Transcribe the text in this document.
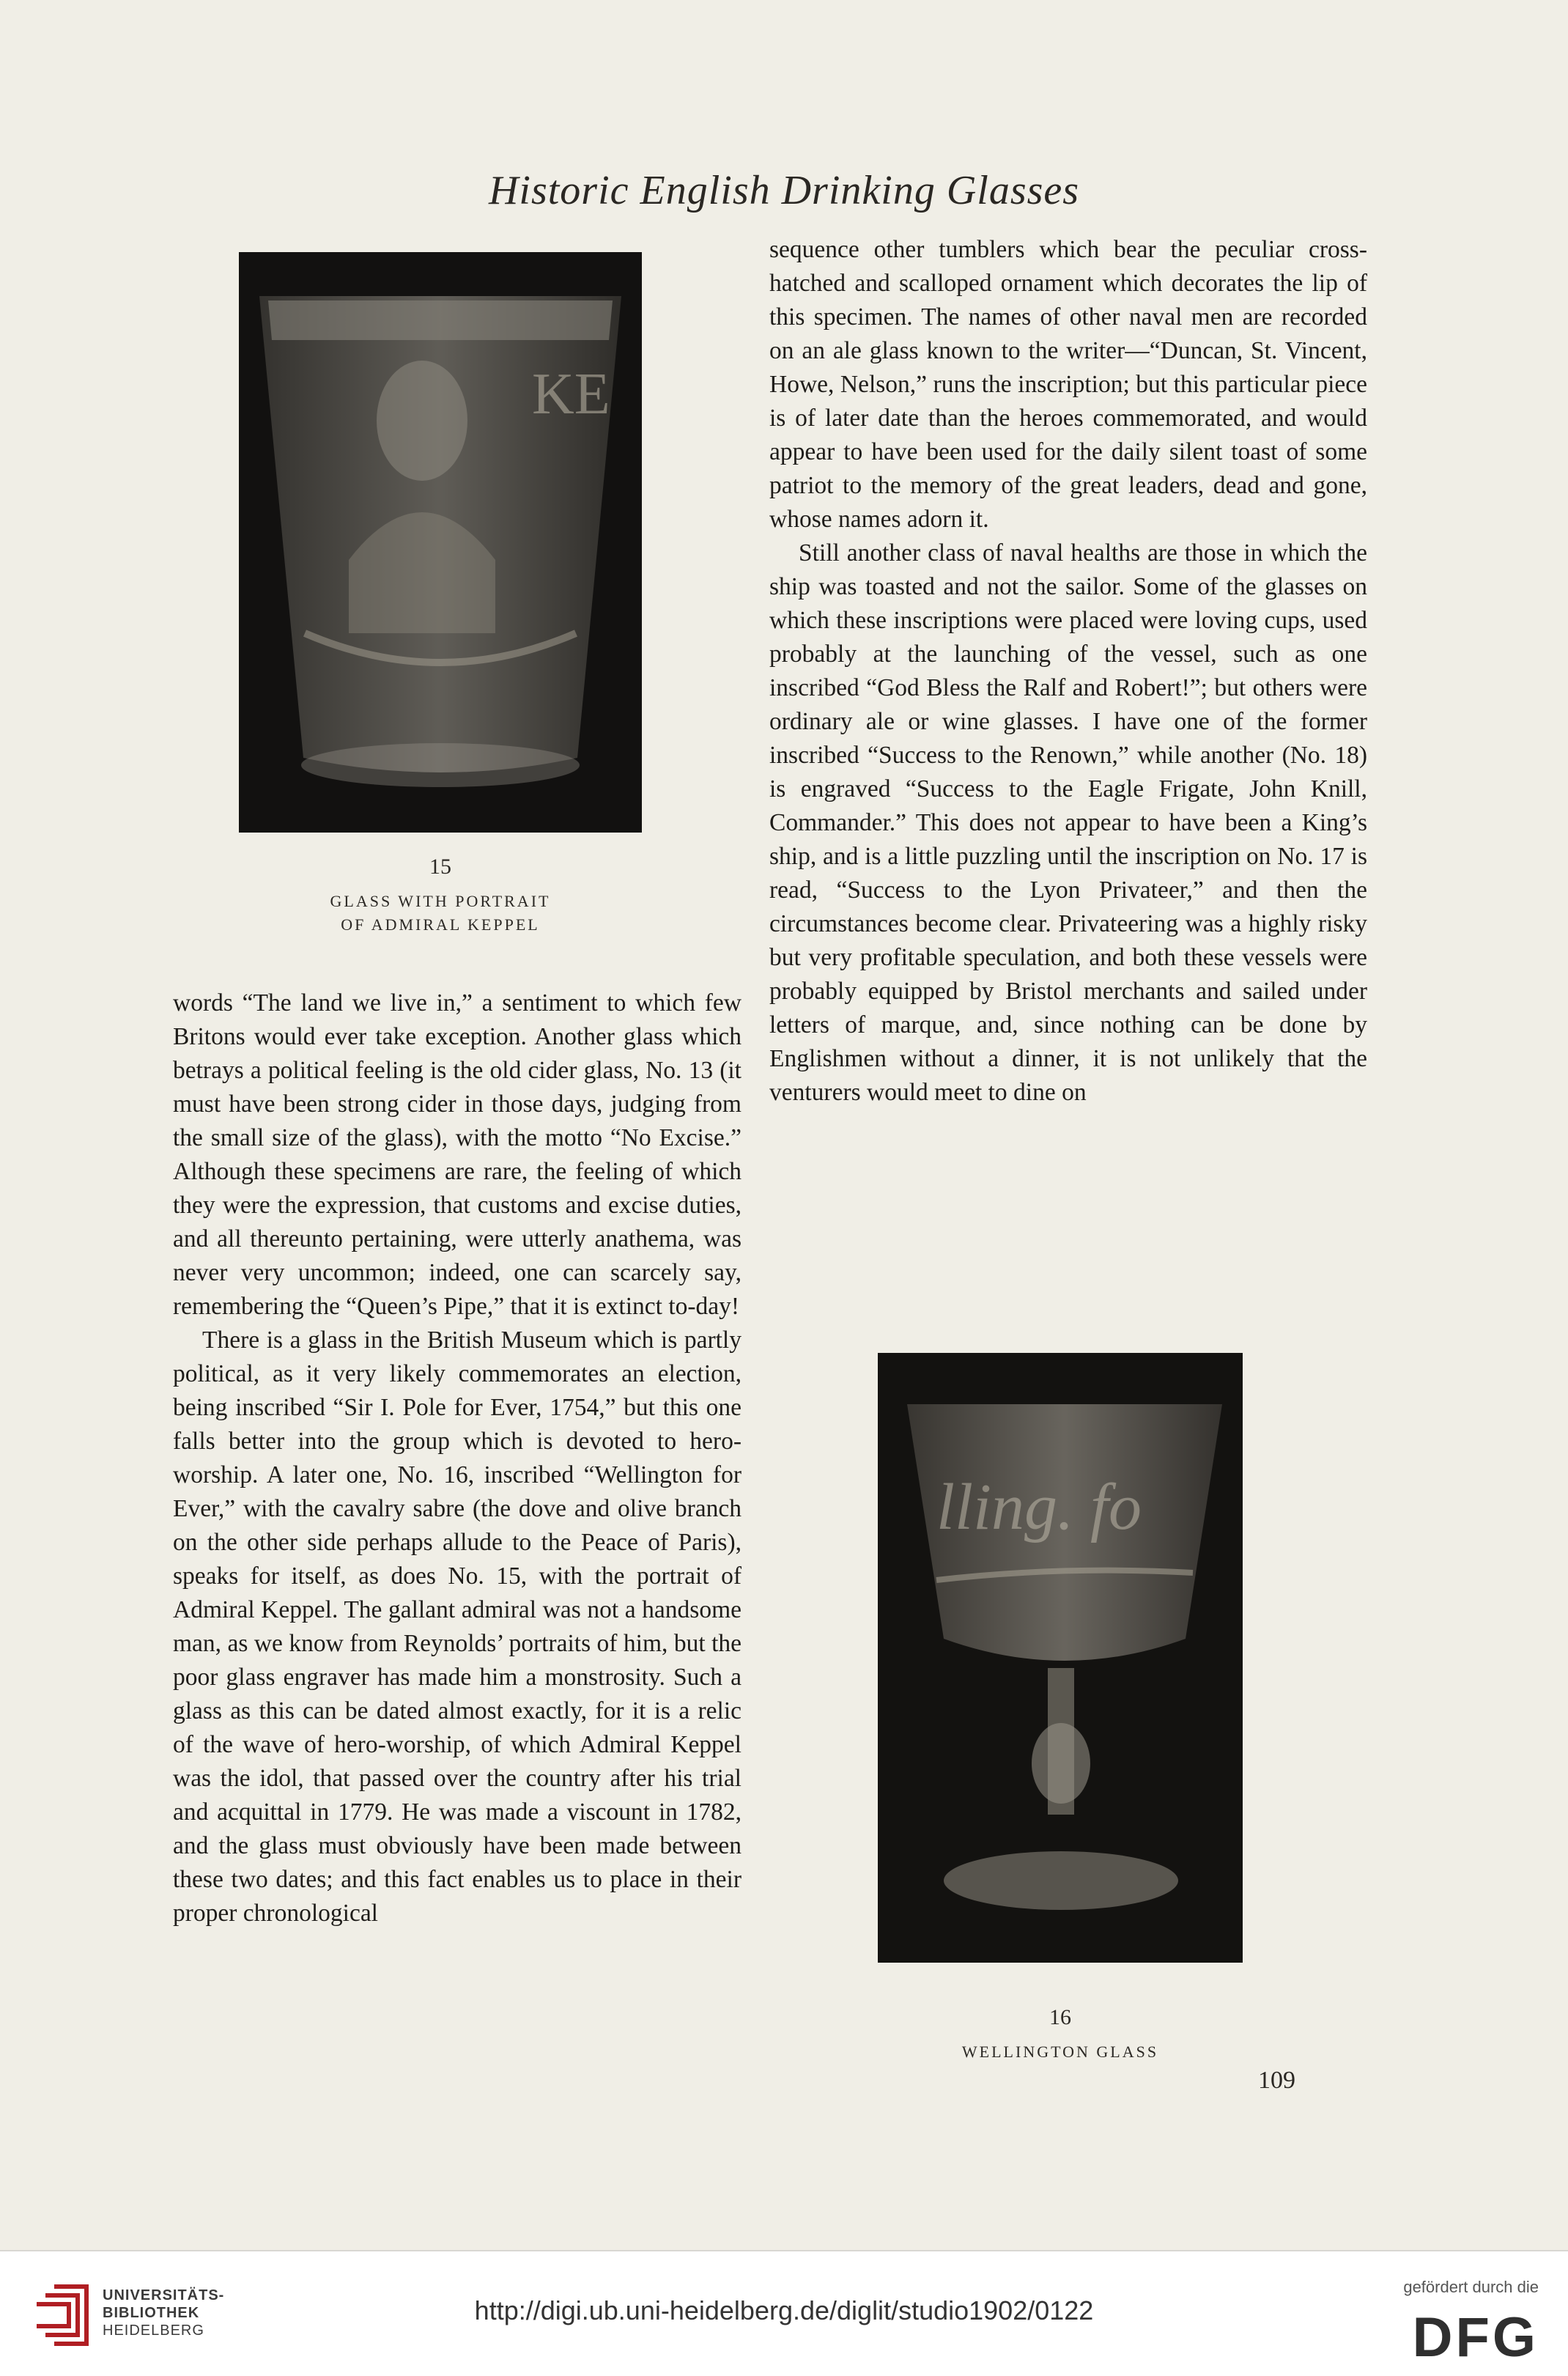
Historic English Drinking Glasses
KE
15
GLASS WITH PORTRAIT
OF ADMIRAL KEPPEL
lling. fo
16
WELLINGTON GLASS

words “The land we live in,” a sentiment to which few Britons would ever take exception. Another glass which betrays a political feeling is the old cider glass, No. 13 (it must have been strong cider in those days, judging from the small size of the glass), with the motto “No Excise.” Although these specimens are rare, the feeling of which they were the expression, that customs and excise duties, and all thereunto pertaining, were utterly anathema, was never very uncommon; indeed, one can scarcely say, remembering the “Queen’s Pipe,” that it is extinct to-day!

There is a glass in the British Museum which is partly political, as it very likely commemorates an election, being inscribed “Sir I. Pole for Ever, 1754,” but this one falls better into the group which is devoted to hero-worship. A later one, No. 16, inscribed “Wellington for Ever,” with the cavalry sabre (the dove and olive branch on the other side perhaps allude to the Peace of Paris), speaks for itself, as does No. 15, with the portrait of Admiral Keppel. The gallant admiral was not a handsome man, as we know from Reynolds’ portraits of him, but the poor glass engraver has made him a monstrosity. Such a glass as this can be dated almost exactly, for it is a relic of the wave of hero-worship, of which Admiral Keppel was the idol, that passed over the country after his trial and acquittal in 1779. He was made a viscount in 1782, and the glass must obviously have been made between these two dates; and this fact enables us to place in their proper chronological

sequence other tumblers which bear the peculiar cross-hatched and scalloped ornament which decorates the lip of this specimen. The names of other naval men are recorded on an ale glass known to the writer—“Duncan, St. Vincent, Howe, Nelson,” runs the inscription; but this particular piece is of later date than the heroes commemorated, and would appear to have been used for the daily silent toast of some patriot to the memory of the great leaders, dead and gone, whose names adorn it.

Still another class of naval healths are those in which the ship was toasted and not the sailor. Some of the glasses on which these inscriptions were placed were loving cups, used probably at the launching of the vessel, such as one inscribed “God Bless the Ralf and Robert!”; but others were ordinary ale or wine glasses. I have one of the former inscribed “Success to the Renown,” while another (No. 18) is engraved “Success to the Eagle Frigate, John Knill, Commander.” This does not appear to have been a King’s ship, and is a little puzzling until the inscription on No. 17 is read, “Success to the Lyon Privateer,” and then the circumstances become clear. Privateering was a highly risky but very profitable speculation, and both these vessels were probably equipped by Bristol merchants and sailed under letters of marque, and, since nothing can be done by Englishmen without a dinner, it is not unlikely that the venturers would meet to dine on

109
UNIVERSITÄTS-
BIBLIOTHEK
HEIDELBERG
http://digi.ub.uni-heidelberg.de/diglit/studio1902/0122
gefördert durch die
DFG
